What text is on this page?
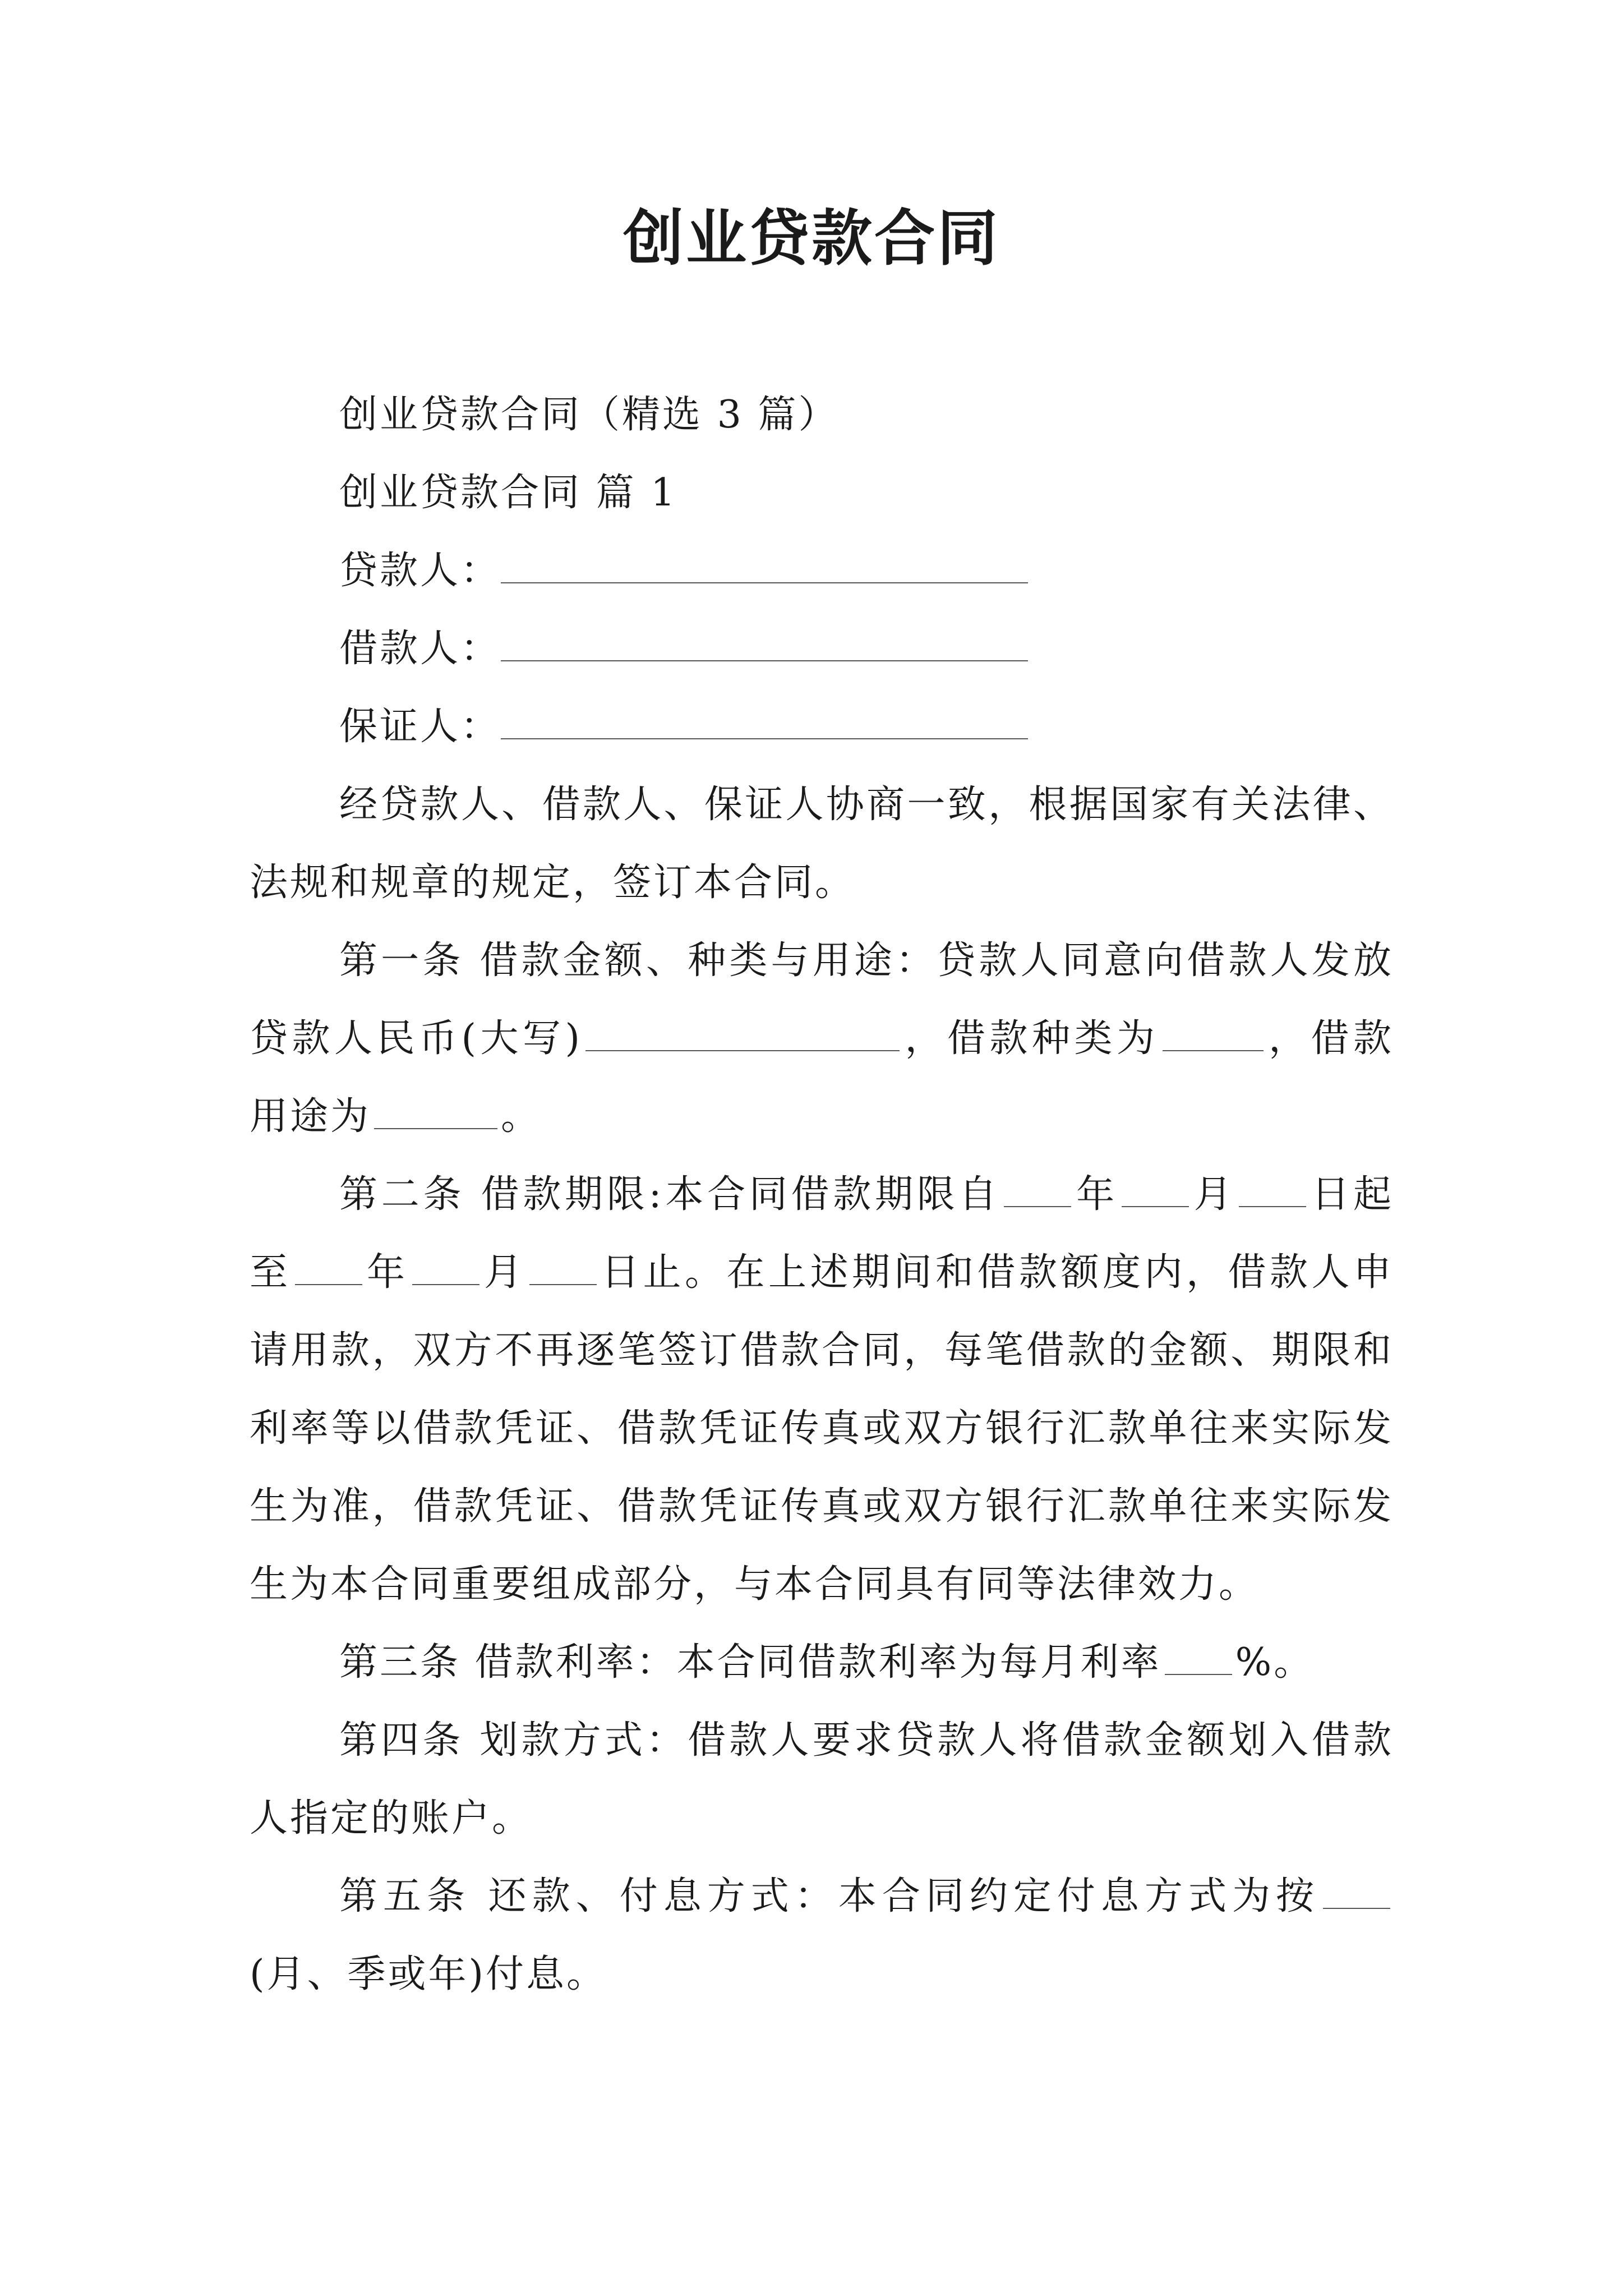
创业贷款合同

创业贷款合同（精选 3 篇）

创业贷款合同 篇 1

贷款人：

借款人：

保证人：

经贷款人、借款人、保证人协商一致，根据国家有关法律、法规和规章的规定，签订本合同。

第一条 借款金额、种类与用途：贷款人同意向借款人发放贷款人民币(大写)	，借款种类为	，借款用途为	。

第二条 借款期限:本合同借款期限自 年 月 日起至 年 月 日止。在上述期间和借款额度内，借款人申请用款，双方不再逐笔签订借款合同，每笔借款的金额、期限和利率等以借款凭证、借款凭证传真或双方银行汇款单往来实际发生为准，借款凭证、借款凭证传真或双方银行汇款单往来实际发生为本合同重要组成部分，与本合同具有同等法律效力。

第三条 借款利率：本合同借款利率为每月利率 %。

第四条 划款方式：借款人要求贷款人将借款金额划入借款人指定的账户。

第五条 还款、付息方式：本合同约定付息方式为按(月、季或年)付息。
